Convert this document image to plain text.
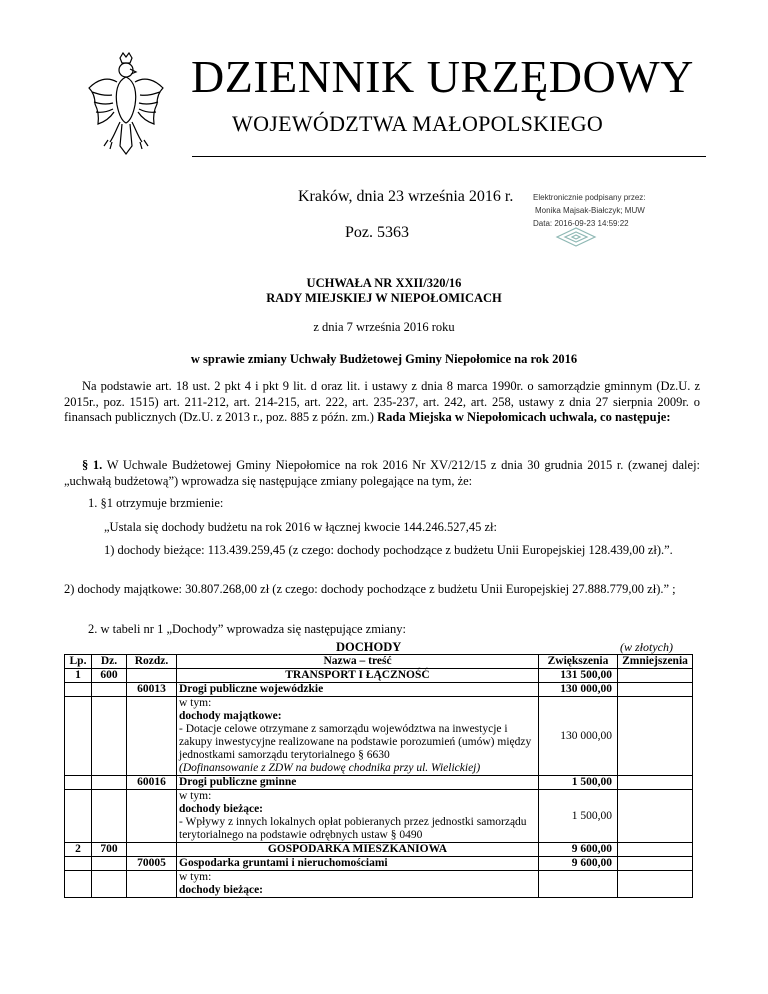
DZIENNIK URZĘDOWY
WOJEWÓDZTWA MAŁOPOLSKIEGO
Kraków, dnia 23 września 2016 r.
Poz. 5363
Elektronicznie podpisany przez:
Monika Majsak-Białczyk; MUW
Data: 2016-09-23 14:59:22
UCHWAŁA NR XXII/320/16
RADY MIEJSKIEJ W NIEPOŁOMICACH
z dnia 7 września 2016 roku
w sprawie zmiany Uchwały Budżetowej Gminy Niepołomice na rok 2016
Na podstawie art. 18 ust. 2 pkt 4 i pkt 9 lit. d oraz lit. i ustawy z dnia 8 marca 1990r. o samorządzie gminnym (Dz.U. z 2015r., poz. 1515) art. 211-212, art. 214-215, art. 222, art. 235-237, art. 242, art. 258, ustawy z dnia 27 sierpnia 2009r. o finansach publicznych (Dz.U. z 2013 r., poz. 885 z późn. zm.) Rada Miejska w Niepołomicach uchwala, co następuje:
§ 1. W Uchwale Budżetowej Gminy Niepołomice na rok 2016 Nr XV/212/15 z dnia 30 grudnia 2015 r. (zwanej dalej: „uchwałą budżetową”) wprowadza się następujące zmiany polegające na tym, że:
1. §1 otrzymuje brzmienie:
„Ustala się dochody budżetu na rok 2016 w łącznej kwocie 144.246.527,45 zł:
1) dochody bieżące: 113.439.259,45 (z czego: dochody pochodzące z budżetu Unii Europejskiej 128.439,00 zł).”.
2) dochody majątkowe: 30.807.268,00 zł (z czego: dochody pochodzące z budżetu Unii Europejskiej 27.888.779,00 zł).” ;
2. w tabeli nr 1 „Dochody” wprowadza się następujące zmiany:
DOCHODY	(w złotych)
Lp.	Dz.	Rozdz.	Nazwa – treść	Zwiększenia	Zmniejszenia
1	600		TRANSPORT I ŁĄCZNOŚĆ	131 500,00	
		60013	Drogi publiczne wojewódzkie	130 000,00	

			w tym:
dochody majątkowe:
- Dotacje celowe otrzymane z samorządu województwa na inwestycje i zakupy inwestycyjne realizowane na podstawie porozumień (umów) między jednostkami samorządu terytorialnego § 6630
(Dofinansowanie z ZDW na budowę chodnika przy ul. Wielickiej)	130 000,00	
		60016	Drogi publiczne gminne	1 500,00	

			w tym:
dochody bieżące:
- Wpływy z innych lokalnych opłat pobieranych przez jednostki samorządu terytorialnego na podstawie odrębnych ustaw § 0490	1 500,00	
2	700		GOSPODARKA MIESZKANIOWA	9 600,00	
		70005	Gospodarka gruntami i nieruchomościami	9 600,00	

			w tym:
dochody bieżące:		
